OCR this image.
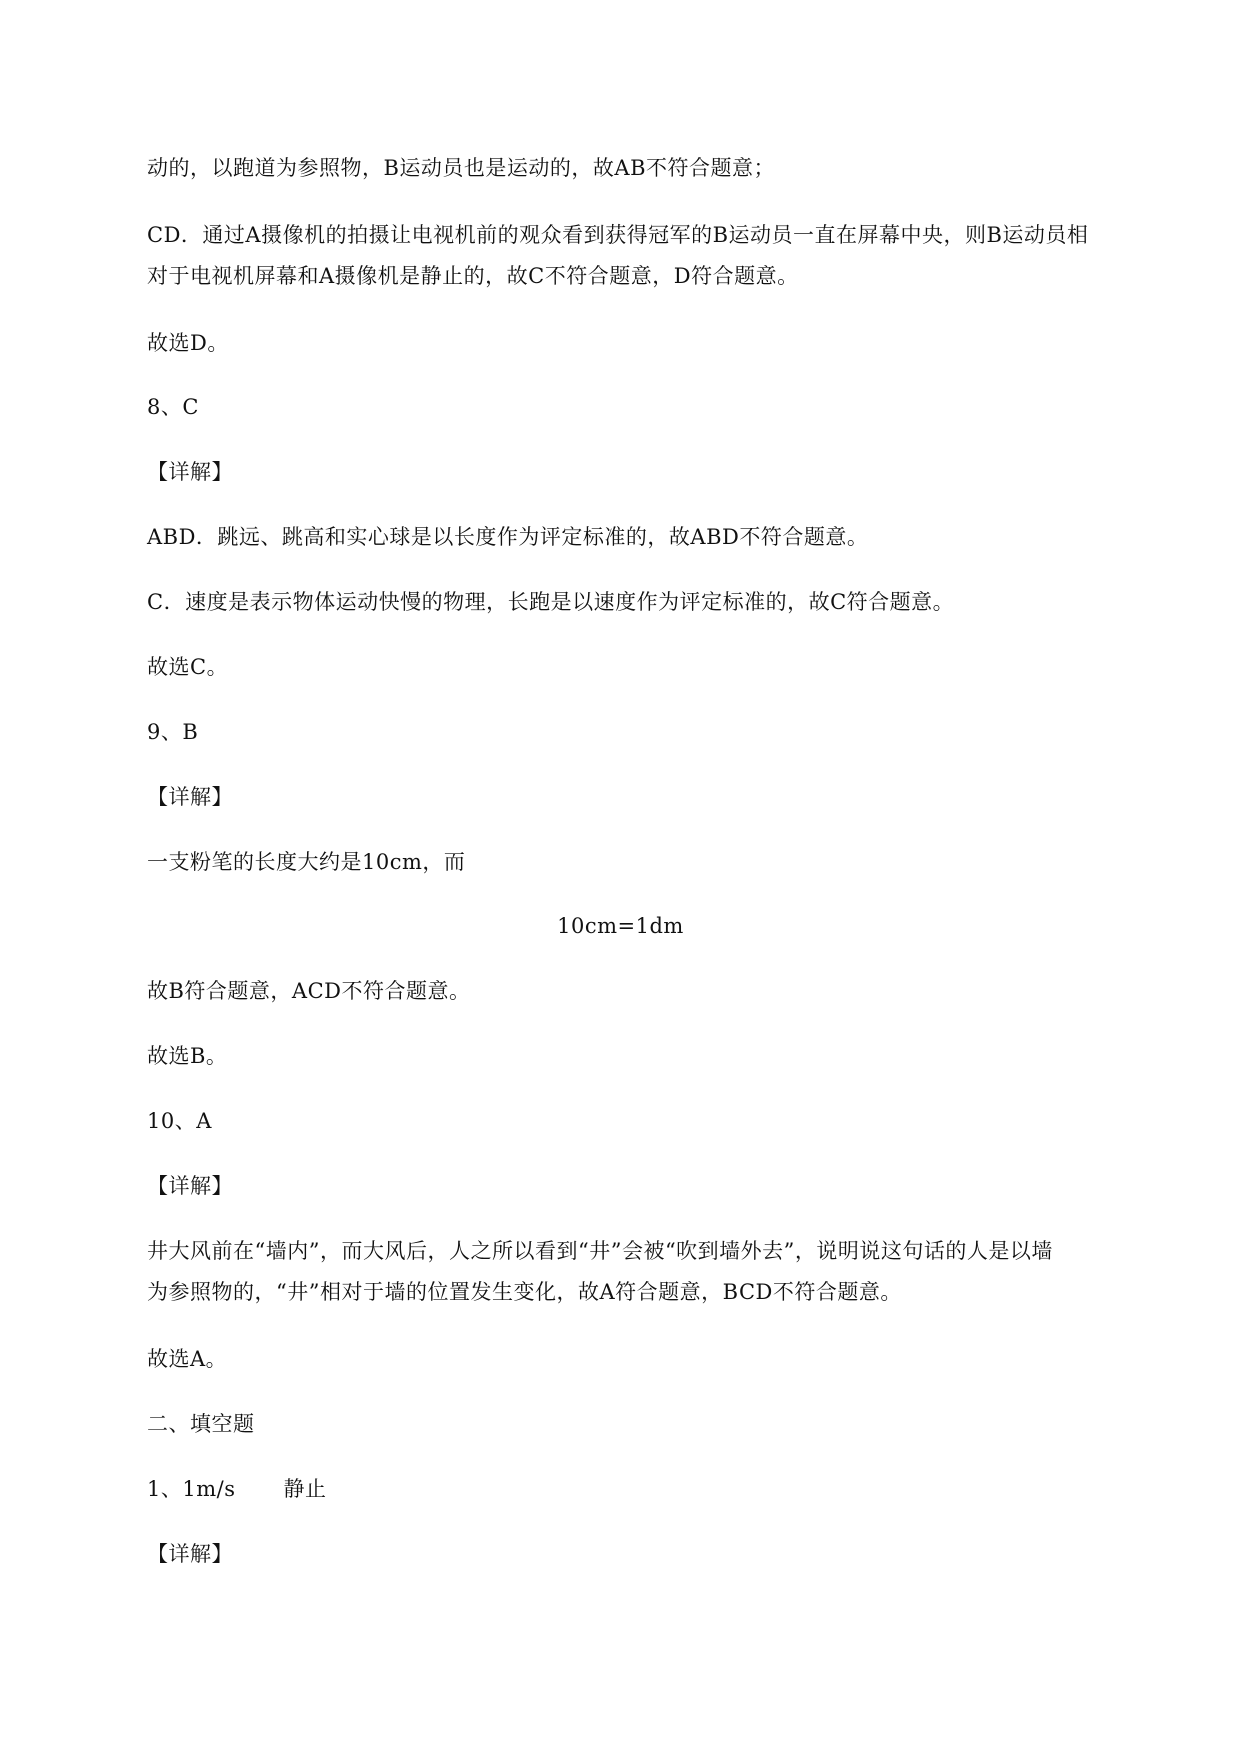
动的，以跑道为参照物，B运动员也是运动的，故AB不符合题意；
CD．通过A摄像机的拍摄让电视机前的观众看到获得冠军的B运动员一直在屏幕中央，则B运动员相
对于电视机屏幕和A摄像机是静止的，故C不符合题意，D符合题意。
故选D。
8、C
【详解】
ABD．跳远、跳高和实心球是以长度作为评定标准的，故ABD不符合题意。
C．速度是表示物体运动快慢的物理，长跑是以速度作为评定标准的，故C符合题意。
故选C。
9、B
【详解】
一支粉笔的长度大约是10cm，而
10cm=1dm
故B符合题意，ACD不符合题意。
故选B。
10、A
【详解】
井大风前在“墙内”，而大风后，人之所以看到“井”会被“吹到墙外去”，说明说这句话的人是以墙
为参照物的，“井”相对于墙的位置发生变化，故A符合题意，BCD不符合题意。
故选A。
二、填空题
1、1m/s 静止
【详解】
